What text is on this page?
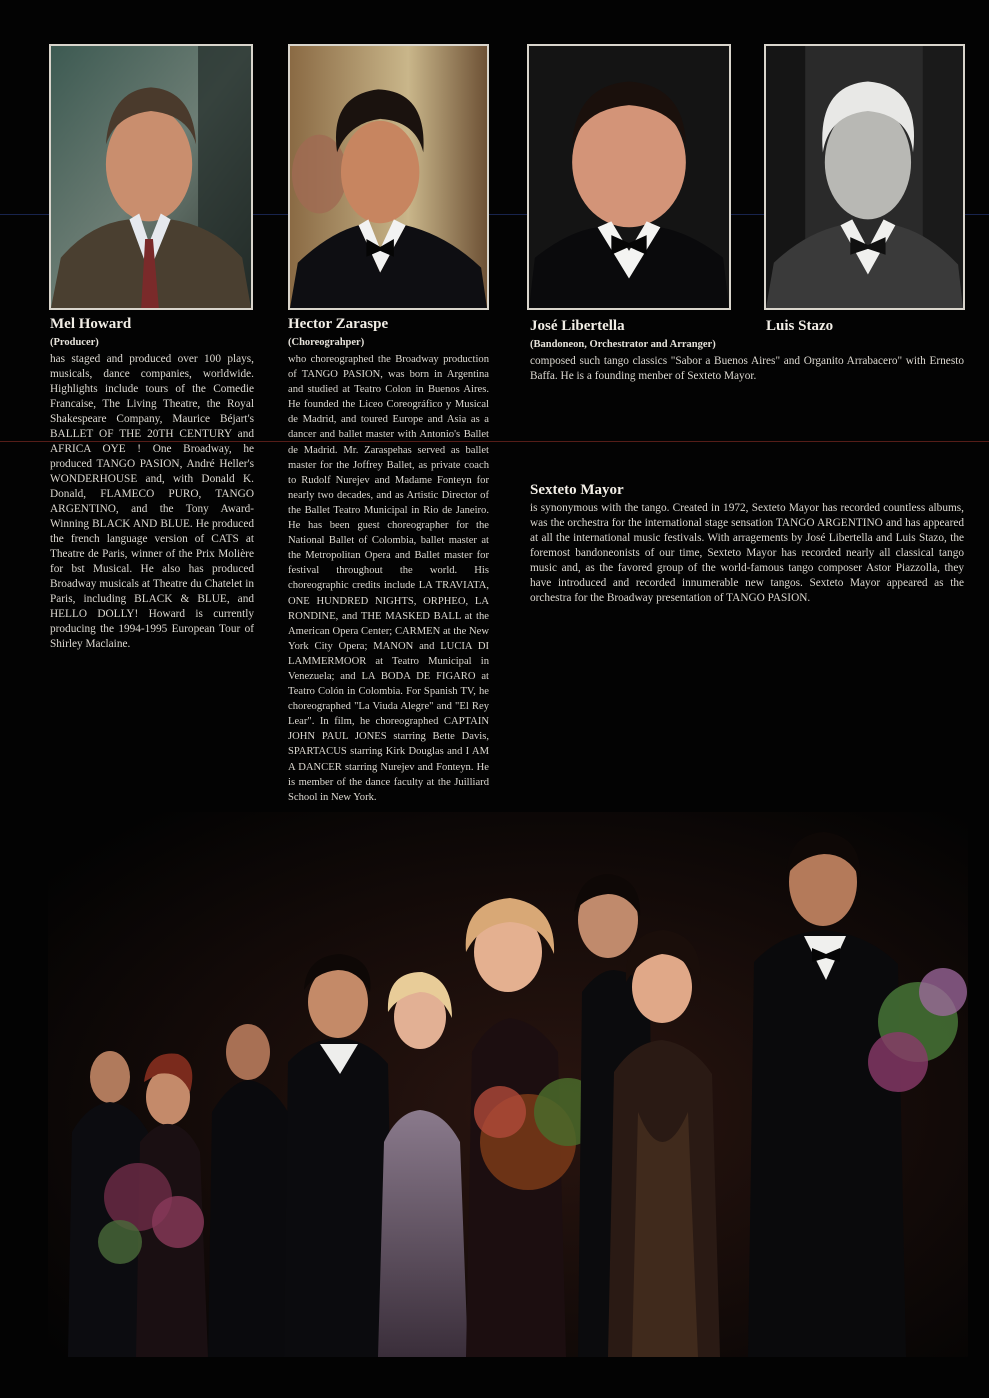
Mel Howard
(Producer)

has staged and produced over 100 plays, musicals, dance companies, worldwide. Highlights include tours of the Comedie Francaise, The Living Theatre, the Royal Shakespeare Company, Maurice Béjart's BALLET OF THE 20TH CENTURY and AFRICA OYE ! One Broadway, he produced TANGO PASION, André Heller's WONDERHOUSE and, with Donald K. Donald, FLAMECO PURO, TANGO ARGENTINO, and the Tony Award-Winning BLACK AND BLUE. He produced the french language version of CATS at Theatre de Paris, winner of the Prix Molière for bst Musical. He also has produced Broadway musicals at Theatre du Chatelet in Paris, including BLACK & BLUE, and HELLO DOLLY! Howard is currently producing the 1994-1995 European Tour of Shirley Maclaine.

Hector Zaraspe
(Choreograhper)

who choreographed the Broadway production of TANGO PASION, was born in Argentina and studied at Teatro Colon in Buenos Aires. He founded the Liceo Coreográfico y Musical de Madrid, and toured Europe and Asia as a dancer and ballet master with Antonio's Ballet de Madrid. Mr. Zaraspehas served as ballet master for the Joffrey Ballet, as private coach to Rudolf Nurejev and Madame Fonteyn for nearly two decades, and as Artistic Director of the Ballet Teatro Municipal in Rio de Janeiro. He has been guest choreographer for the National Ballet of Colombia, ballet master at the Metropolitan Opera and Ballet master for festival throughout the world. His choreographic credits include LA TRAVIATA, ONE HUNDRED NIGHTS, ORPHEO, LA RONDINE, and THE MASKED BALL at the American Opera Center; CARMEN at the New York City Opera; MANON and LUCIA DI LAMMERMOOR at Teatro Municipal in Venezuela; and LA BODA DE FIGARO at Teatro Colón in Colombia. For Spanish TV, he choreographed "La Viuda Alegre" and "El Rey Lear". In film, he choreographed CAPTAIN JOHN PAUL JONES starring Bette Davis, SPARTACUS starring Kirk Douglas and I AM A DANCER starring Nurejev and Fonteyn. He is member of the dance faculty at the Juilliard School in New York.

José Libertella
(Bandoneon, Orchestrator and Arranger)

composed such tango classics "Sabor a Buenos Aires" and Organito Arrabacero" with Ernesto Baffa. He is a founding menber of Sexteto Mayor.

Luis Stazo
Sexteto Mayor

is synonymous with the tango. Created in 1972, Sexteto Mayor has recorded countless albums, was the orchestra for the international stage sensation TANGO ARGENTINO and has appeared at all the international music festivals. With arragements by José Libertella and Luis Stazo, the foremost bandoneonists of our time, Sexteto Mayor has recorded nearly all classical tango music and, as the favored group of the world-famous tango composer Astor Piazzolla, they have introduced and recorded innumerable new tangos. Sexteto Mayor appeared as the orchestra for the Broadway presentation of TANGO PASION.
